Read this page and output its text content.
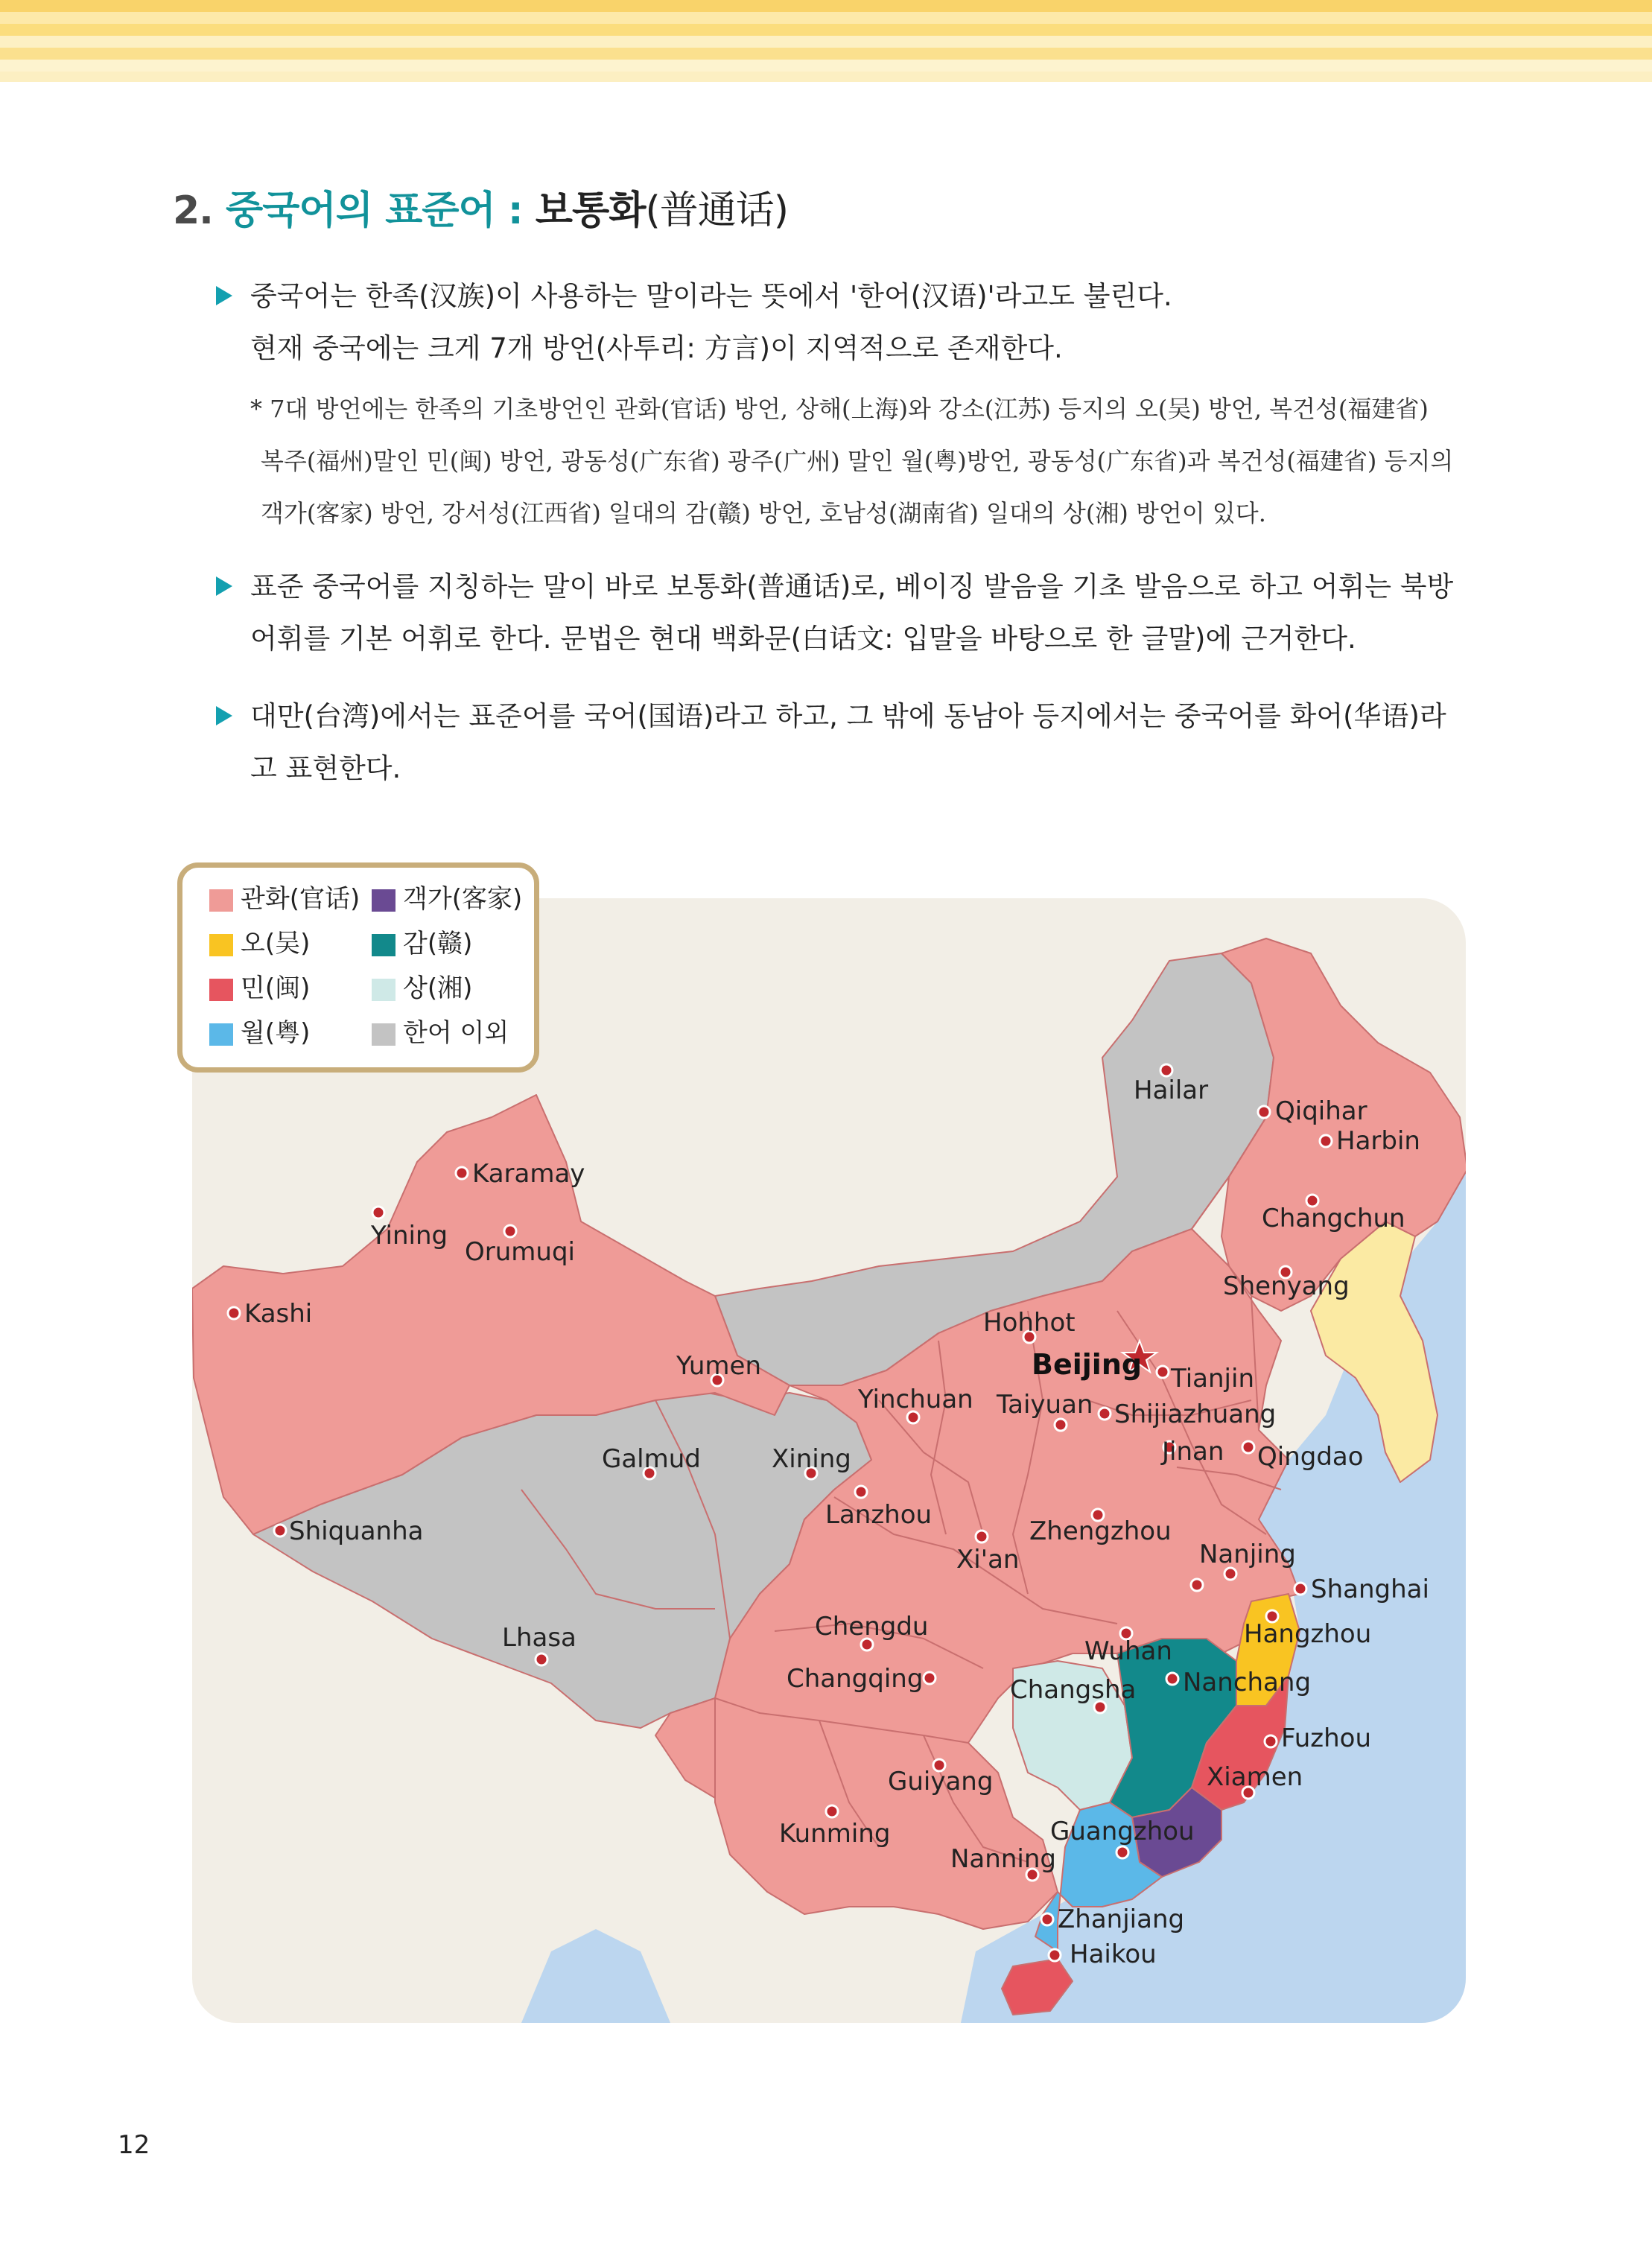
2. 중국어의 표준어 : 보통화(普通话)
중국어는 한족(汉族)이 사용하는 말이라는 뜻에서 '한어(汉语)'라고도 불린다.
현재 중국에는 크게 7개 방언(사투리: 方言)이 지역적으로 존재한다.
* 7대 방언에는 한족의 기초방언인 관화(官话) 방언, 상해(上海)와 강소(江苏) 등지의 오(吴) 방언, 복건성(福建省)
복주(福州)말인 민(闽) 방언, 광동성(广东省) 광주(广州) 말인 월(粤)방언, 광동성(广东省)과 복건성(福建省) 등지의
객가(客家) 방언, 강서성(江西省) 일대의 감(赣) 방언, 호남성(湖南省) 일대의 상(湘) 방언이 있다.
표준 중국어를 지칭하는 말이 바로 보통화(普通话)로, 베이징 발음을 기초 발음으로 하고 어휘는 북방
어휘를 기본 어휘로 한다. 문법은 현대 백화문(白话文: 입말을 바탕으로 한 글말)에 근거한다.
대만(台湾)에서는 표준어를 국어(国语)라고 하고, 그 밖에 동남아 등지에서는 중국어를 화어(华语)라
고 표현한다.
Hailar
Qiqihar
Harbin
Karamay
Changchun
Yining
Orumuqi
Shenyang
Kashi	Hohhot
Beijing Tianjin
Yumen
Yinchuan Taiyuan Shijiazhuang
Galmud	Xining	Jinan Qingdao
Lanzhou
Zhengzhou
Shiquanha
Xi'an	Nanjing
Shanghai
Lhasa	Chengdu	Hangzhou
Wuhan
Changqing	Changsha Nanchang
Fuzhou
Xiamen
Guiyang
Kunming	Guangzhou
Nanning
Zhanjiang
Haikou
관화(官话)	객가(客家)
오(吴)	감(赣)
민(闽)	상(湘)
월(粤)	한어 이외
12
